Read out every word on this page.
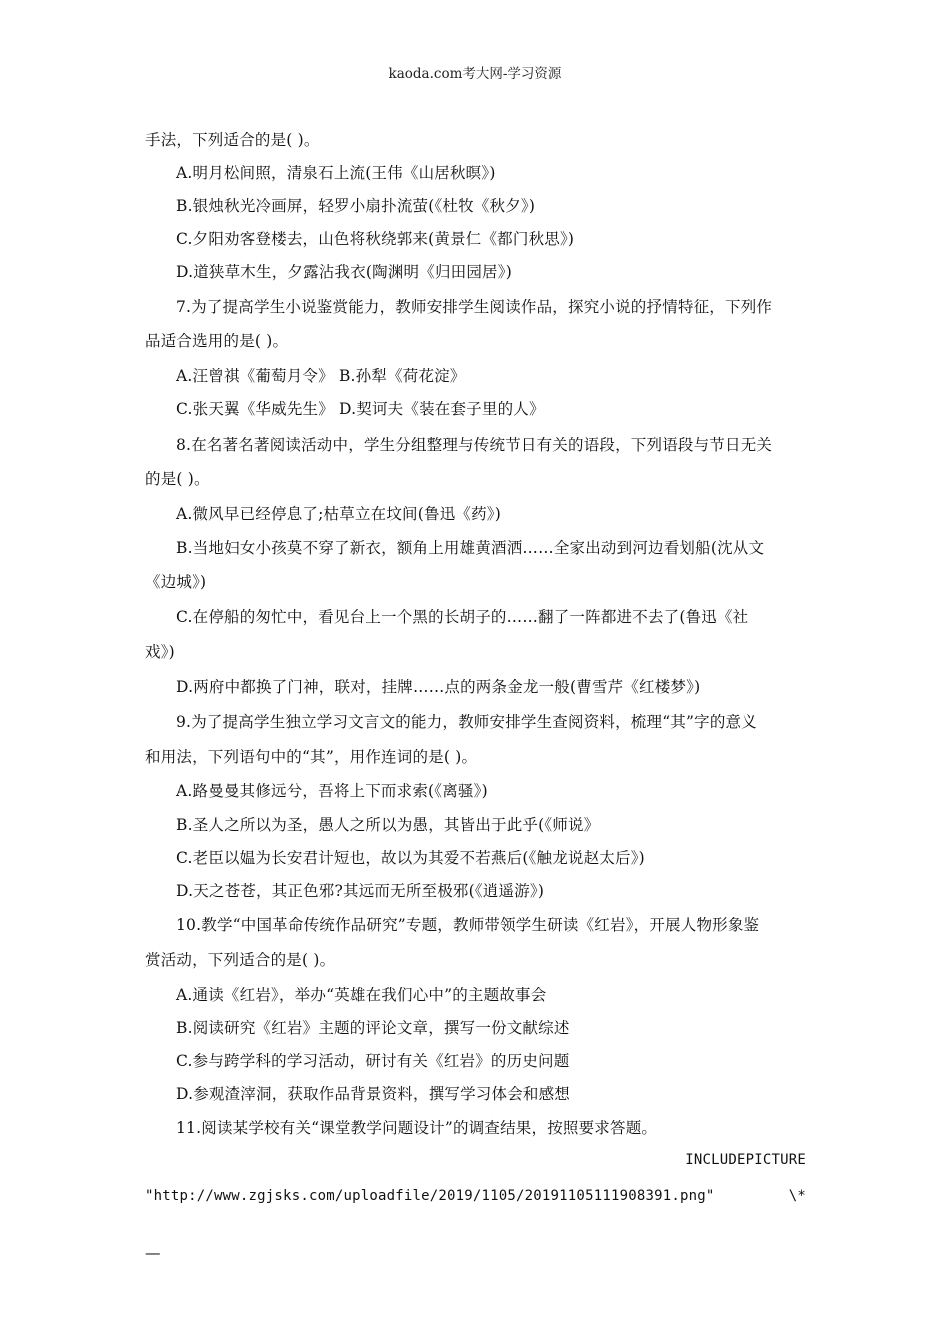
kaoda.com考大网-学习资源
手法，下列适合的是( )。
A.明月松间照，清泉石上流(王伟《山居秋暝》)
B.银烛秋光冷画屏，轻罗小扇扑流萤(《杜牧《秋夕》)
C.夕阳劝客登楼去，山色将秋绕郭来(黄景仁《都门秋思》)
D.道狭草木生，夕露沾我衣(陶渊明《归田园居》)
7.为了提高学生小说鉴赏能力，教师安排学生阅读作品，探究小说的抒情特征，下列作
品适合选用的是( )。
A.汪曾祺《葡萄月令》 B.孙犁《荷花淀》
C.张天翼《华威先生》 D.契诃夫《装在套子里的人》
8.在名著名著阅读活动中，学生分组整理与传统节日有关的语段，下列语段与节日无关
的是( )。
A.微风早已经停息了;枯草立在坟间(鲁迅《药》)
B.当地妇女小孩莫不穿了新衣，额角上用雄黄酒洒……全家出动到河边看划船(沈从文
《边城》)
C.在停船的匆忙中，看见台上一个黑的长胡子的……翻了一阵都进不去了(鲁迅《社
戏》)
D.两府中都换了门神，联对，挂牌……点的两条金龙一般(曹雪芹《红楼梦》)
9.为了提高学生独立学习文言文的能力，教师安排学生查阅资料，梳理“其”字的意义
和用法，下列语句中的“其”，用作连词的是( )。
A.路曼曼其修远兮，吾将上下而求索(《离骚》)
B.圣人之所以为圣，愚人之所以为愚，其皆出于此乎(《师说》
C.老臣以媪为长安君计短也，故以为其爱不若燕后(《触龙说赵太后》)
D.天之苍苍，其正色邪?其远而无所至极邪(《逍遥游》)
10.教学“中国革命传统作品研究”专题，教师带领学生研读《红岩》，开展人物形象鉴
赏活动，下列适合的是( )。
A.通读《红岩》，举办“英雄在我们心中”的主题故事会
B.阅读研究《红岩》主题的评论文章，撰写一份文献综述
C.参与跨学科的学习活动，研讨有关《红岩》的历史问题
D.参观渣滓洞，获取作品背景资料，撰写学习体会和感想
11.阅读某学校有关“课堂教学问题设计”的调查结果，按照要求答题。
INCLUDEPICTURE
"http://www.zgjsks.com/uploadfile/2019/1105/20191105111908391.png"	\*
—
